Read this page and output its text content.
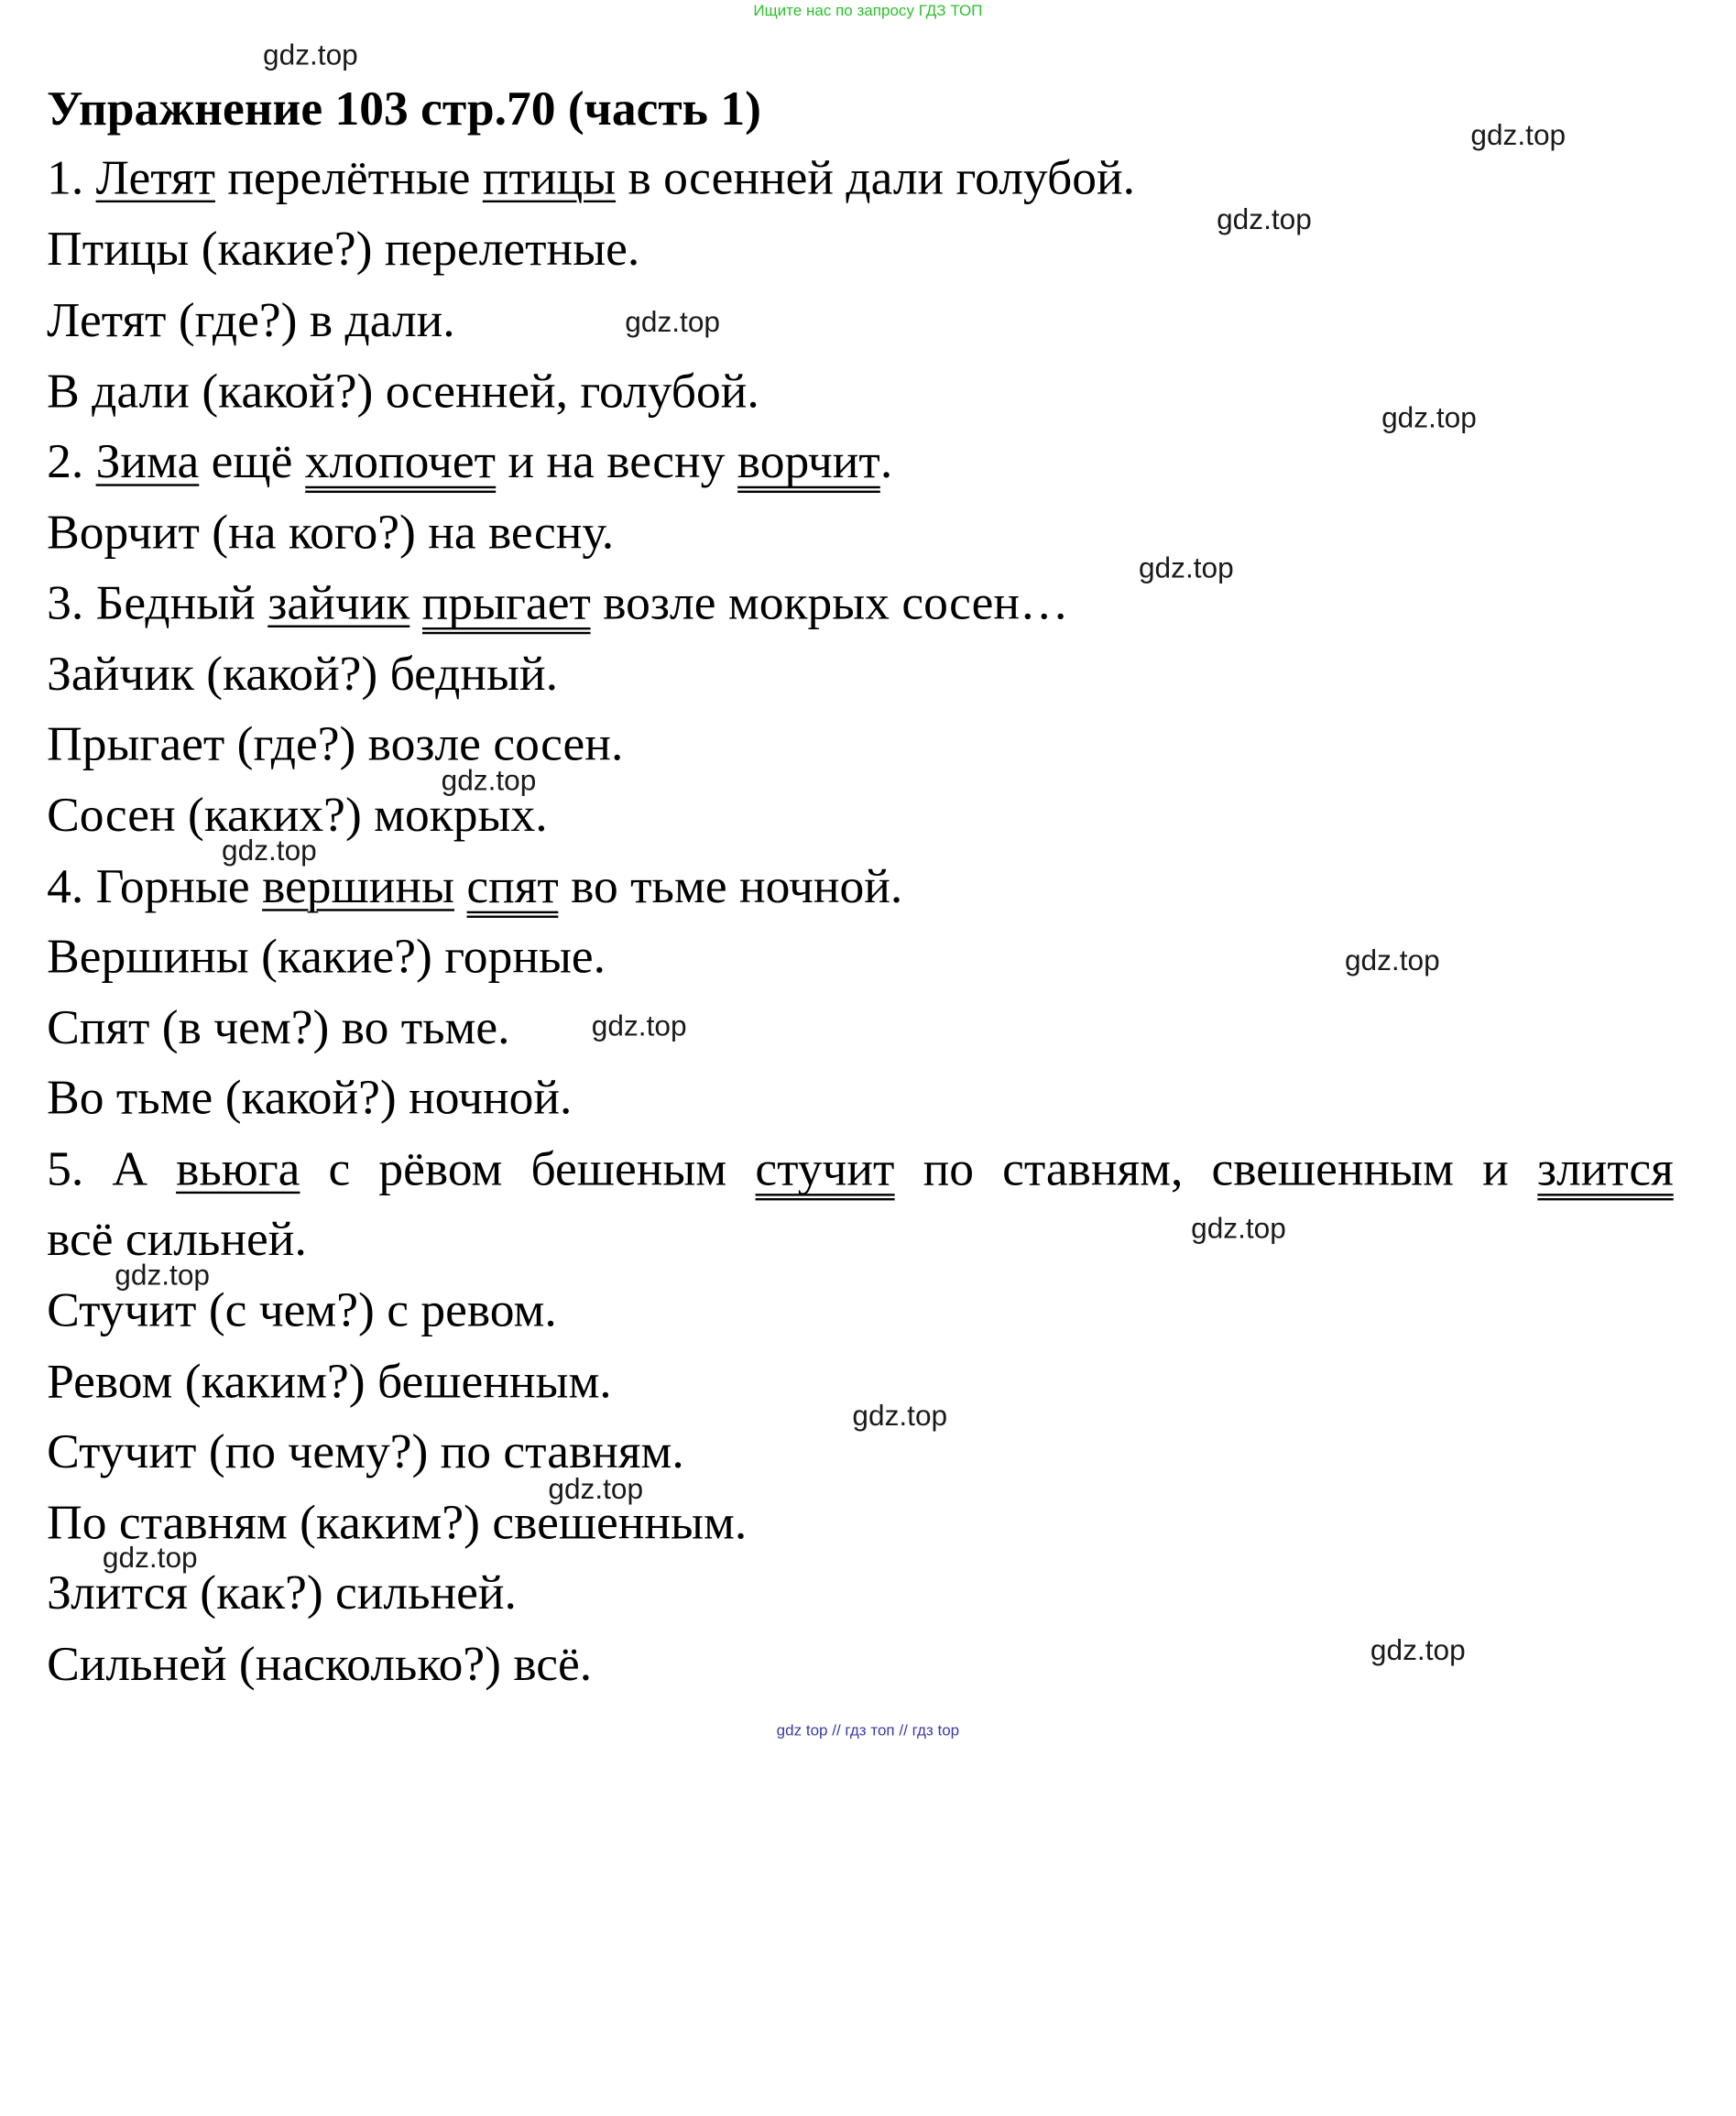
Ищите нас по запросу ГДЗ ТОП
Упражнение 103 стр.70 (часть 1)

1. Летят перелётные птицы в осенней дали голубой.

Птицы (какие?) перелетные.

Летят (где?) в дали.

В дали (какой?) осенней, голубой.

2. Зима ещё хлопочет и на весну ворчит.

Ворчит (на кого?) на весну.

3. Бедный зайчик прыгает возле мокрых сосен…

Зайчик (какой?) бедный.

Прыгает (где?) возле сосен.

Сосен (каких?) мокрых.

4. Горные вершины спят во тьме ночной.

Вершины (какие?) горные.

Спят (в чем?) во тьме.

Во тьме (какой?) ночной.

5. А вьюга с рёвом бешеным стучит по ставням, свешенным и злится

всё сильней.

Стучит (с чем?) с ревом.

Ревом (каким?) бешенным.

Стучит (по чему?) по ставням.

По ставням (каким?) свешенным.

Злится (как?) сильней.

Сильней (насколько?) всё.

gdz.top
gdz.top
gdz.top
gdz.top
gdz.top
gdz.top
gdz.top
gdz.top
gdz.top
gdz.top
gdz.top
gdz.top
gdz.top
gdz.top
gdz.top
gdz.top
gdz top // гдз топ // гдз top
